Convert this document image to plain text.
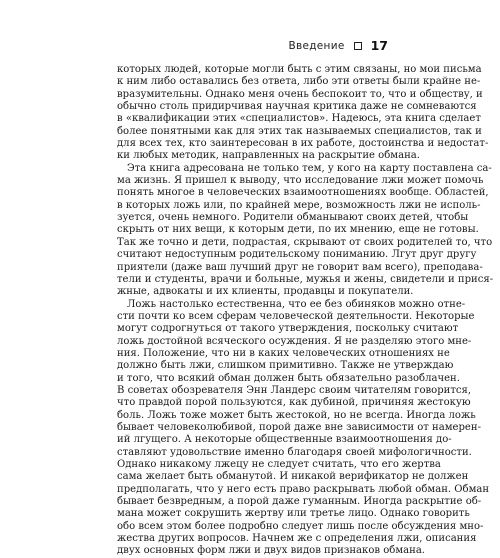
Введение 17
которых людей, которые могли быть с этим связаны, но мои письма
к ним либо оставались без ответа, либо эти ответы были крайне не-
вразумительны. Однако меня очень беспокоит то, что и обществу, и
обычно столь придирчивая научная критика даже не сомневаются
в «квалификации этих «специалистов». Надеюсь, эта книга сделает
более понятными как для этих так называемых специалистов, так и
для всех тех, кто заинтересован в их работе, достоинства и недостат-
ки любых методик, направленных на раскрытие обмана.
Эта книга адресована не только тем, у кого на карту поставлена са-
ма жизнь. Я пришел к выводу, что исследование лжи может помочь
понять многое в человеческих взаимоотношениях вообще. Областей,
в которых ложь или, по крайней мере, возможность лжи не исполь-
зуется, очень немного. Родители обманывают своих детей, чтобы
скрыть от них вещи, к которым дети, по их мнению, еще не готовы.
Так же точно и дети, подрастая, скрывают от своих родителей то, что
считают недоступным родительскому пониманию. Лгут друг другу
приятели (даже ваш лучший друг не говорит вам всего), преподава-
тели и студенты, врачи и больные, мужья и жены, свидетели и прися-
жные, адвокаты и их клиенты, продавцы и покупатели.
Ложь настолько естественна, что ее без обиняков можно отне-
сти почти ко всем сферам человеческой деятельности. Некоторые
могут содрогнуться от такого утверждения, поскольку считают
ложь достойной всяческого осуждения. Я не разделяю этого мне-
ния. Положение, что ни в каких человеческих отношениях не
должно быть лжи, слишком примитивно. Также не утверждаю
и того, что всякий обман должен быть обязательно разоблачен.
В советах обозревателя Энн Ландерс своим читателям говорится,
что правдой порой пользуются, как дубиной, причиняя жестокую
боль. Ложь тоже может быть жестокой, но не всегда. Иногда ложь
бывает человеколюбивой, порой даже вне зависимости от намерен-
ий лгущего. А некоторые общественные взаимоотношения до-
ставляют удовольствие именно благодаря своей мифологичности.
Однако никакому лжецу не следует считать, что его жертва
сама желает быть обманутой. И никакой верификатор не должен
предполагать, что у него есть право раскрывать любой обман. Обман
бывает безвредным, а порой даже гуманным. Иногда раскрытие об-
мана может сокрушить жертву или третье лицо. Однако говорить
обо всем этом более подробно следует лишь после обсуждения мно-
жества других вопросов. Начнем же с определения лжи, описания
двух основных форм лжи и двух видов признаков обмана.
